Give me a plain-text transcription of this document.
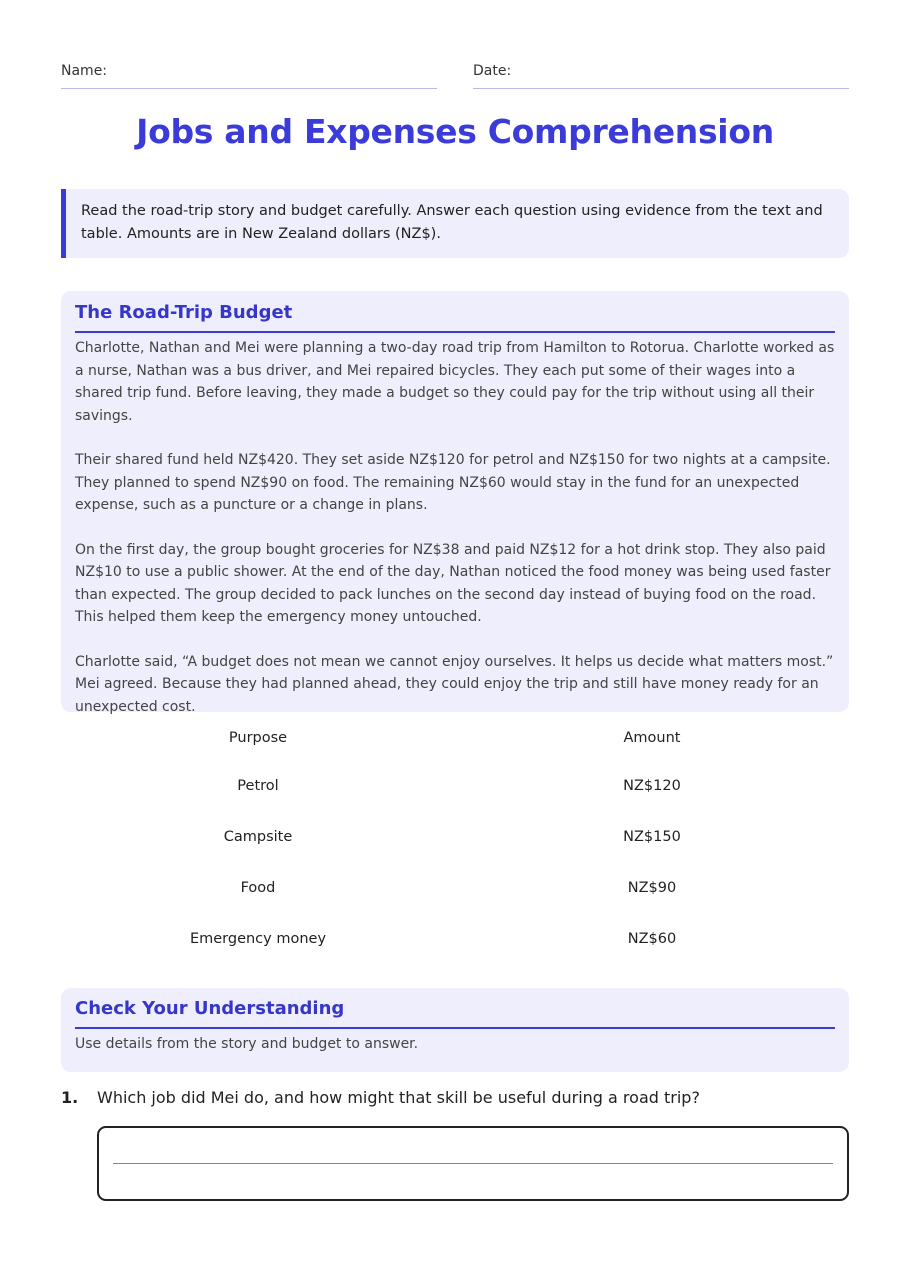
Name:	Date:
Jobs and Expenses Comprehension
Read the road-trip story and budget carefully. Answer each question using evidence from the text and table. Amounts are in New Zealand dollars (NZ$).
The Road-Trip Budget

Charlotte, Nathan and Mei were planning a two-day road trip from Hamilton to Rotorua. Charlotte worked as a nurse, Nathan was a bus driver, and Mei repaired bicycles. They each put some of their wages into a shared trip fund. Before leaving, they made a budget so they could pay for the trip without using all their savings.

Their shared fund held NZ$420. They set aside NZ$120 for petrol and NZ$150 for two nights at a campsite. They planned to spend NZ$90 on food. The remaining NZ$60 would stay in the fund for an unexpected expense, such as a puncture or a change in plans.

On the first day, the group bought groceries for NZ$38 and paid NZ$12 for a hot drink stop. They also paid NZ$10 to use a public shower. At the end of the day, Nathan noticed the food money was being used faster than expected. The group decided to pack lunches on the second day instead of buying food on the road. This helped them keep the emergency money untouched.

Charlotte said, “A budget does not mean we cannot enjoy ourselves. It helps us decide what matters most.” Mei agreed. Because they had planned ahead, they could enjoy the trip and still have money ready for an unexpected cost.

Purpose	Amount
Petrol	NZ$120
Campsite	NZ$150
Food	NZ$90
Emergency money	NZ$60
Check Your Understanding
Use details from the story and budget to answer.
1. Which job did Mei do, and how might that skill be useful during a road trip?
